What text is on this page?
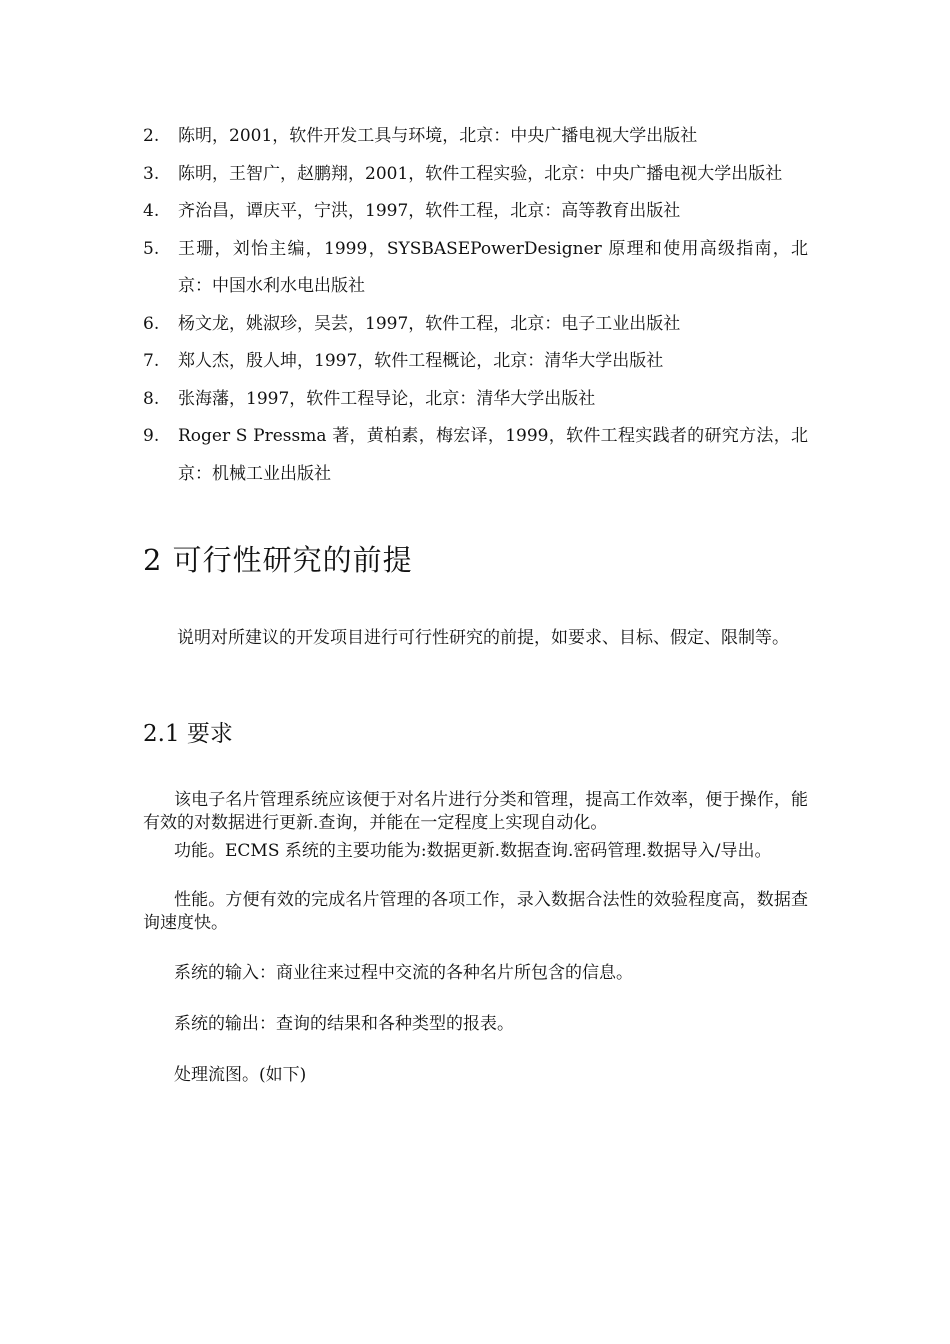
2. 陈明，2001，软件开发工具与环境，北京：中央广播电视大学出版社
3. 陈明，王智广，赵鹏翔，2001，软件工程实验，北京：中央广播电视大学出版社
4. 齐治昌，谭庆平，宁洪，1997，软件工程，北京：高等教育出版社
5. 王珊，刘怡主编，1999，SYSBASEPowerDesigner 原理和使用高级指南，北京：中国水利水电出版社
6. 杨文龙，姚淑珍，吴芸，1997，软件工程，北京：电子工业出版社
7. 郑人杰，殷人坤，1997，软件工程概论，北京：清华大学出版社
8. 张海藩，1997，软件工程导论，北京：清华大学出版社
9. Roger S Pressma 著，黄柏素，梅宏译，1999，软件工程实践者的研究方法，北京：机械工业出版社
2 可行性研究的前提

说明对所建议的开发项目进行可行性研究的前提，如要求、目标、假定、限制等。

2.1 要求

该电子名片管理系统应该便于对名片进行分类和管理，提高工作效率，便于操作，能有效的对数据进行更新.查询，并能在一定程度上实现自动化。

功能。ECMS 系统的主要功能为:数据更新.数据查询.密码管理.数据导入/导出。

性能。方便有效的完成名片管理的各项工作，录入数据合法性的效验程度高，数据查询速度快。

系统的输入：商业往来过程中交流的各种名片所包含的信息。

系统的输出：查询的结果和各种类型的报表。

处理流图。(如下)
